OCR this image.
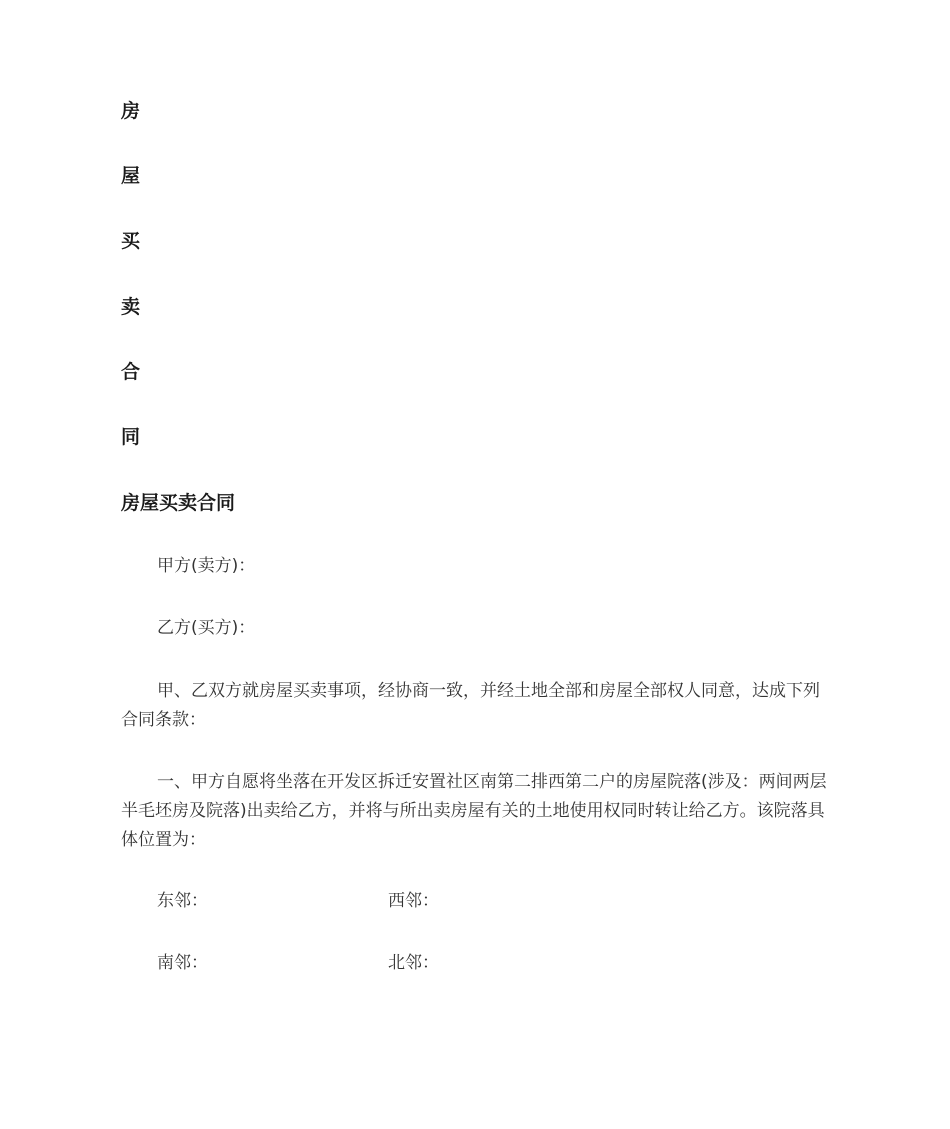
房
屋
买
卖
合
同
房屋买卖合同
甲方(卖方)：
乙方(买方)：
甲、乙双方就房屋买卖事项，经协商一致，并经土地全部和房屋全部权人同意，达成下列合同条款：
一、甲方自愿将坐落在开发区拆迁安置社区南第二排西第二户的房屋院落(涉及：两间两层半毛坯房及院落)出卖给乙方，并将与所出卖房屋有关的土地使用权同时转让给乙方。该院落具体位置为：
东邻：	西邻：
南邻：	北邻：
